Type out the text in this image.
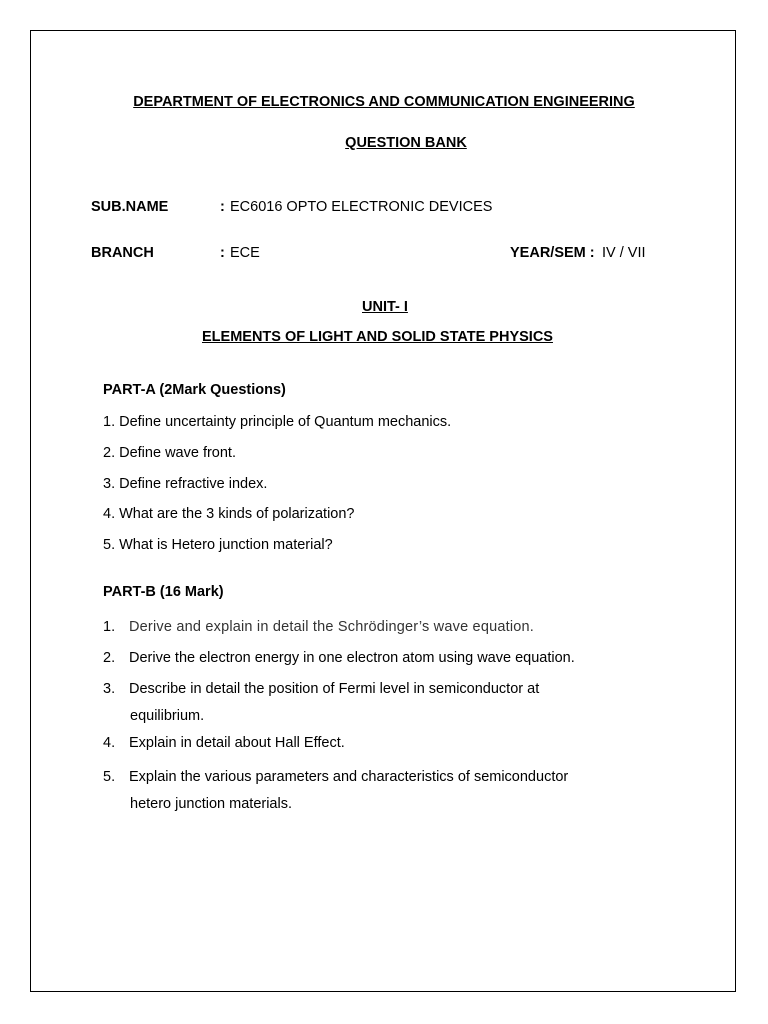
DEPARTMENT OF ELECTRONICS AND COMMUNICATION ENGINEERING
QUESTION BANK
SUB.NAME	: EC6016 OPTO ELECTRONIC DEVICES
BRANCH	: ECE	YEAR/SEM : IV / VII
UNIT- I
ELEMENTS OF LIGHT AND SOLID STATE PHYSICS
PART-A (2Mark Questions)
1. Define uncertainty principle of Quantum mechanics.
2. Define wave front.
3. Define refractive index.
4. What are the 3 kinds of polarization?
5. What is Hetero junction material?
PART-B (16 Mark)
1. Derive and explain in detail the Schrödinger’s wave equation.
2. Derive the electron energy in one electron atom using wave equation.
3. Describe in detail the position of Fermi level in semiconductor at
equilibrium.
4. Explain in detail about Hall Effect.
5. Explain the various parameters and characteristics of semiconductor
hetero junction materials.
